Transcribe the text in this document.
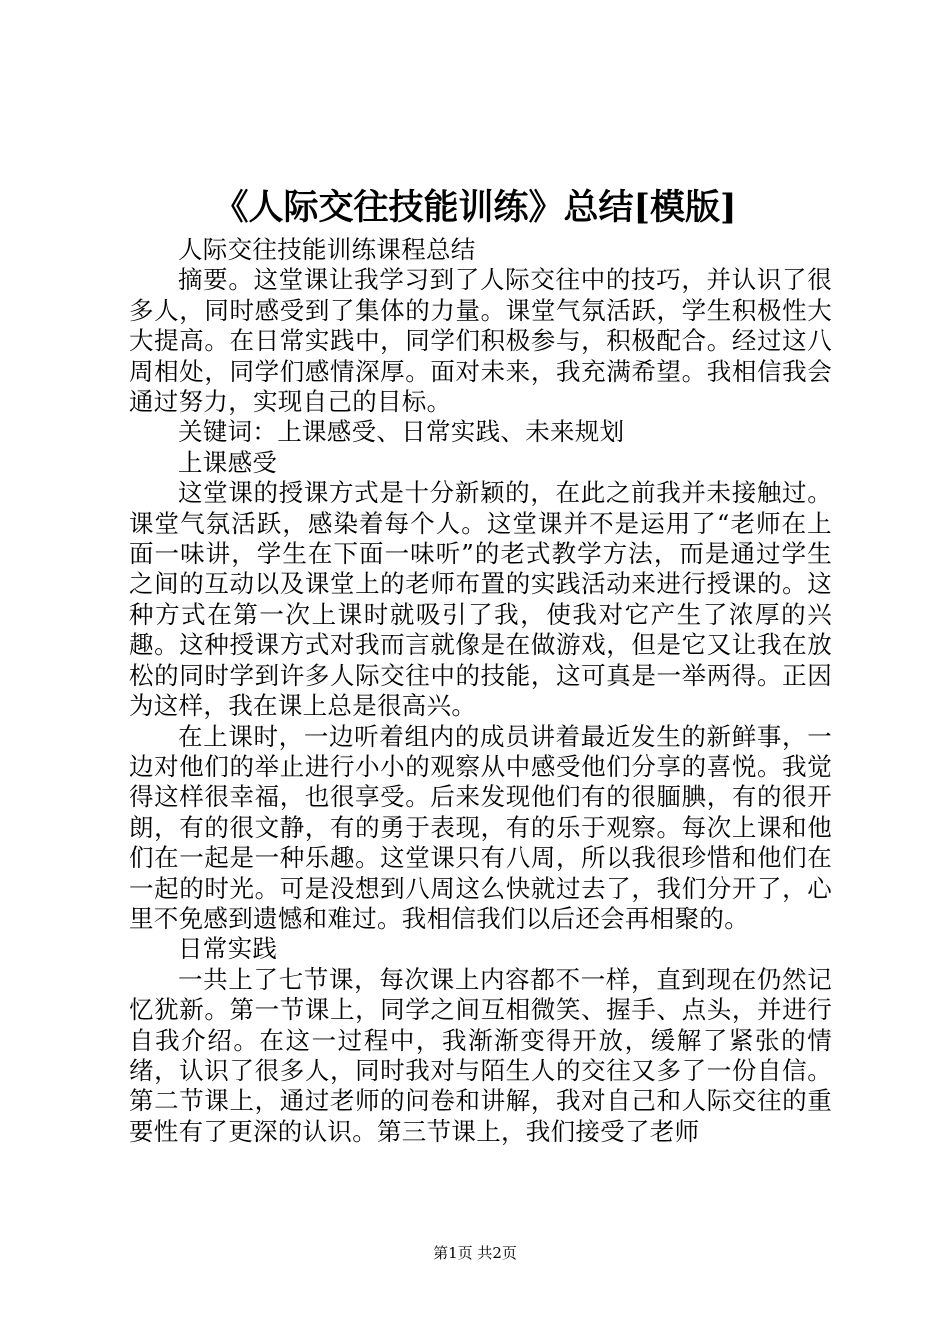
《人际交往技能训练》总结[模版]

人际交往技能训练课程总结

摘要。这堂课让我学习到了人际交往中的技巧，并认识了很多人，同时感受到了集体的力量。课堂气氛活跃，学生积极性大大提高。在日常实践中，同学们积极参与，积极配合。经过这八周相处，同学们感情深厚。面对未来，我充满希望。我相信我会通过努力，实现自己的目标。

关键词：上课感受、日常实践、未来规划

上课感受

这堂课的授课方式是十分新颖的，在此之前我并未接触过。课堂气氛活跃，感染着每个人。这堂课并不是运用了“老师在上面一味讲，学生在下面一味听”的老式教学方法，而是通过学生之间的互动以及课堂上的老师布置的实践活动来进行授课的。这种方式在第一次上课时就吸引了我，使我对它产生了浓厚的兴趣。这种授课方式对我而言就像是在做游戏，但是它又让我在放松的同时学到许多人际交往中的技能，这可真是一举两得。正因为这样，我在课上总是很高兴。

在上课时，一边听着组内的成员讲着最近发生的新鲜事，一边对他们的举止进行小小的观察从中感受他们分享的喜悦。我觉得这样很幸福，也很享受。后来发现他们有的很腼腆，有的很开朗，有的很文静，有的勇于表现，有的乐于观察。每次上课和他们在一起是一种乐趣。这堂课只有八周，所以我很珍惜和他们在一起的时光。可是没想到八周这么快就过去了，我们分开了，心里不免感到遗憾和难过。我相信我们以后还会再相聚的。

日常实践

一共上了七节课，每次课上内容都不一样，直到现在仍然记忆犹新。第一节课上，同学之间互相微笑、握手、点头，并进行自我介绍。在这一过程中，我渐渐变得开放，缓解了紧张的情绪，认识了很多人，同时我对与陌生人的交往又多了一份自信。第二节课上，通过老师的问卷和讲解，我对自己和人际交往的重要性有了更深的认识。第三节课上，我们接受了老师

第1页 共2页
